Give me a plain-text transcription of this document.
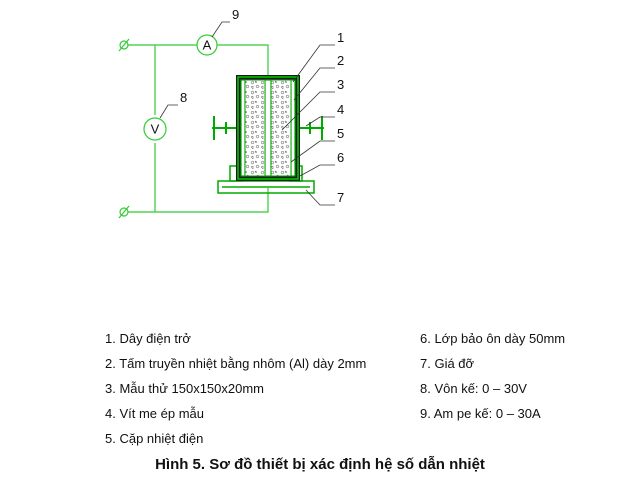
V
A	1
2
3
4
5
6
7
8
9
1. Dây điện trở
2. Tấm truyền nhiệt bằng nhôm (Al) dày 2mm
3. Mẫu thử 150x150x20mm
4. Vít me ép mẫu
5. Cặp nhiệt điện
6. Lớp bảo ôn dày 50mm
7. Giá đỡ
8. Vôn kế: 0 – 30V
9. Am pe kế: 0 – 30A
Hình 5. Sơ đồ thiết bị xác định hệ số dẫn nhiệt
